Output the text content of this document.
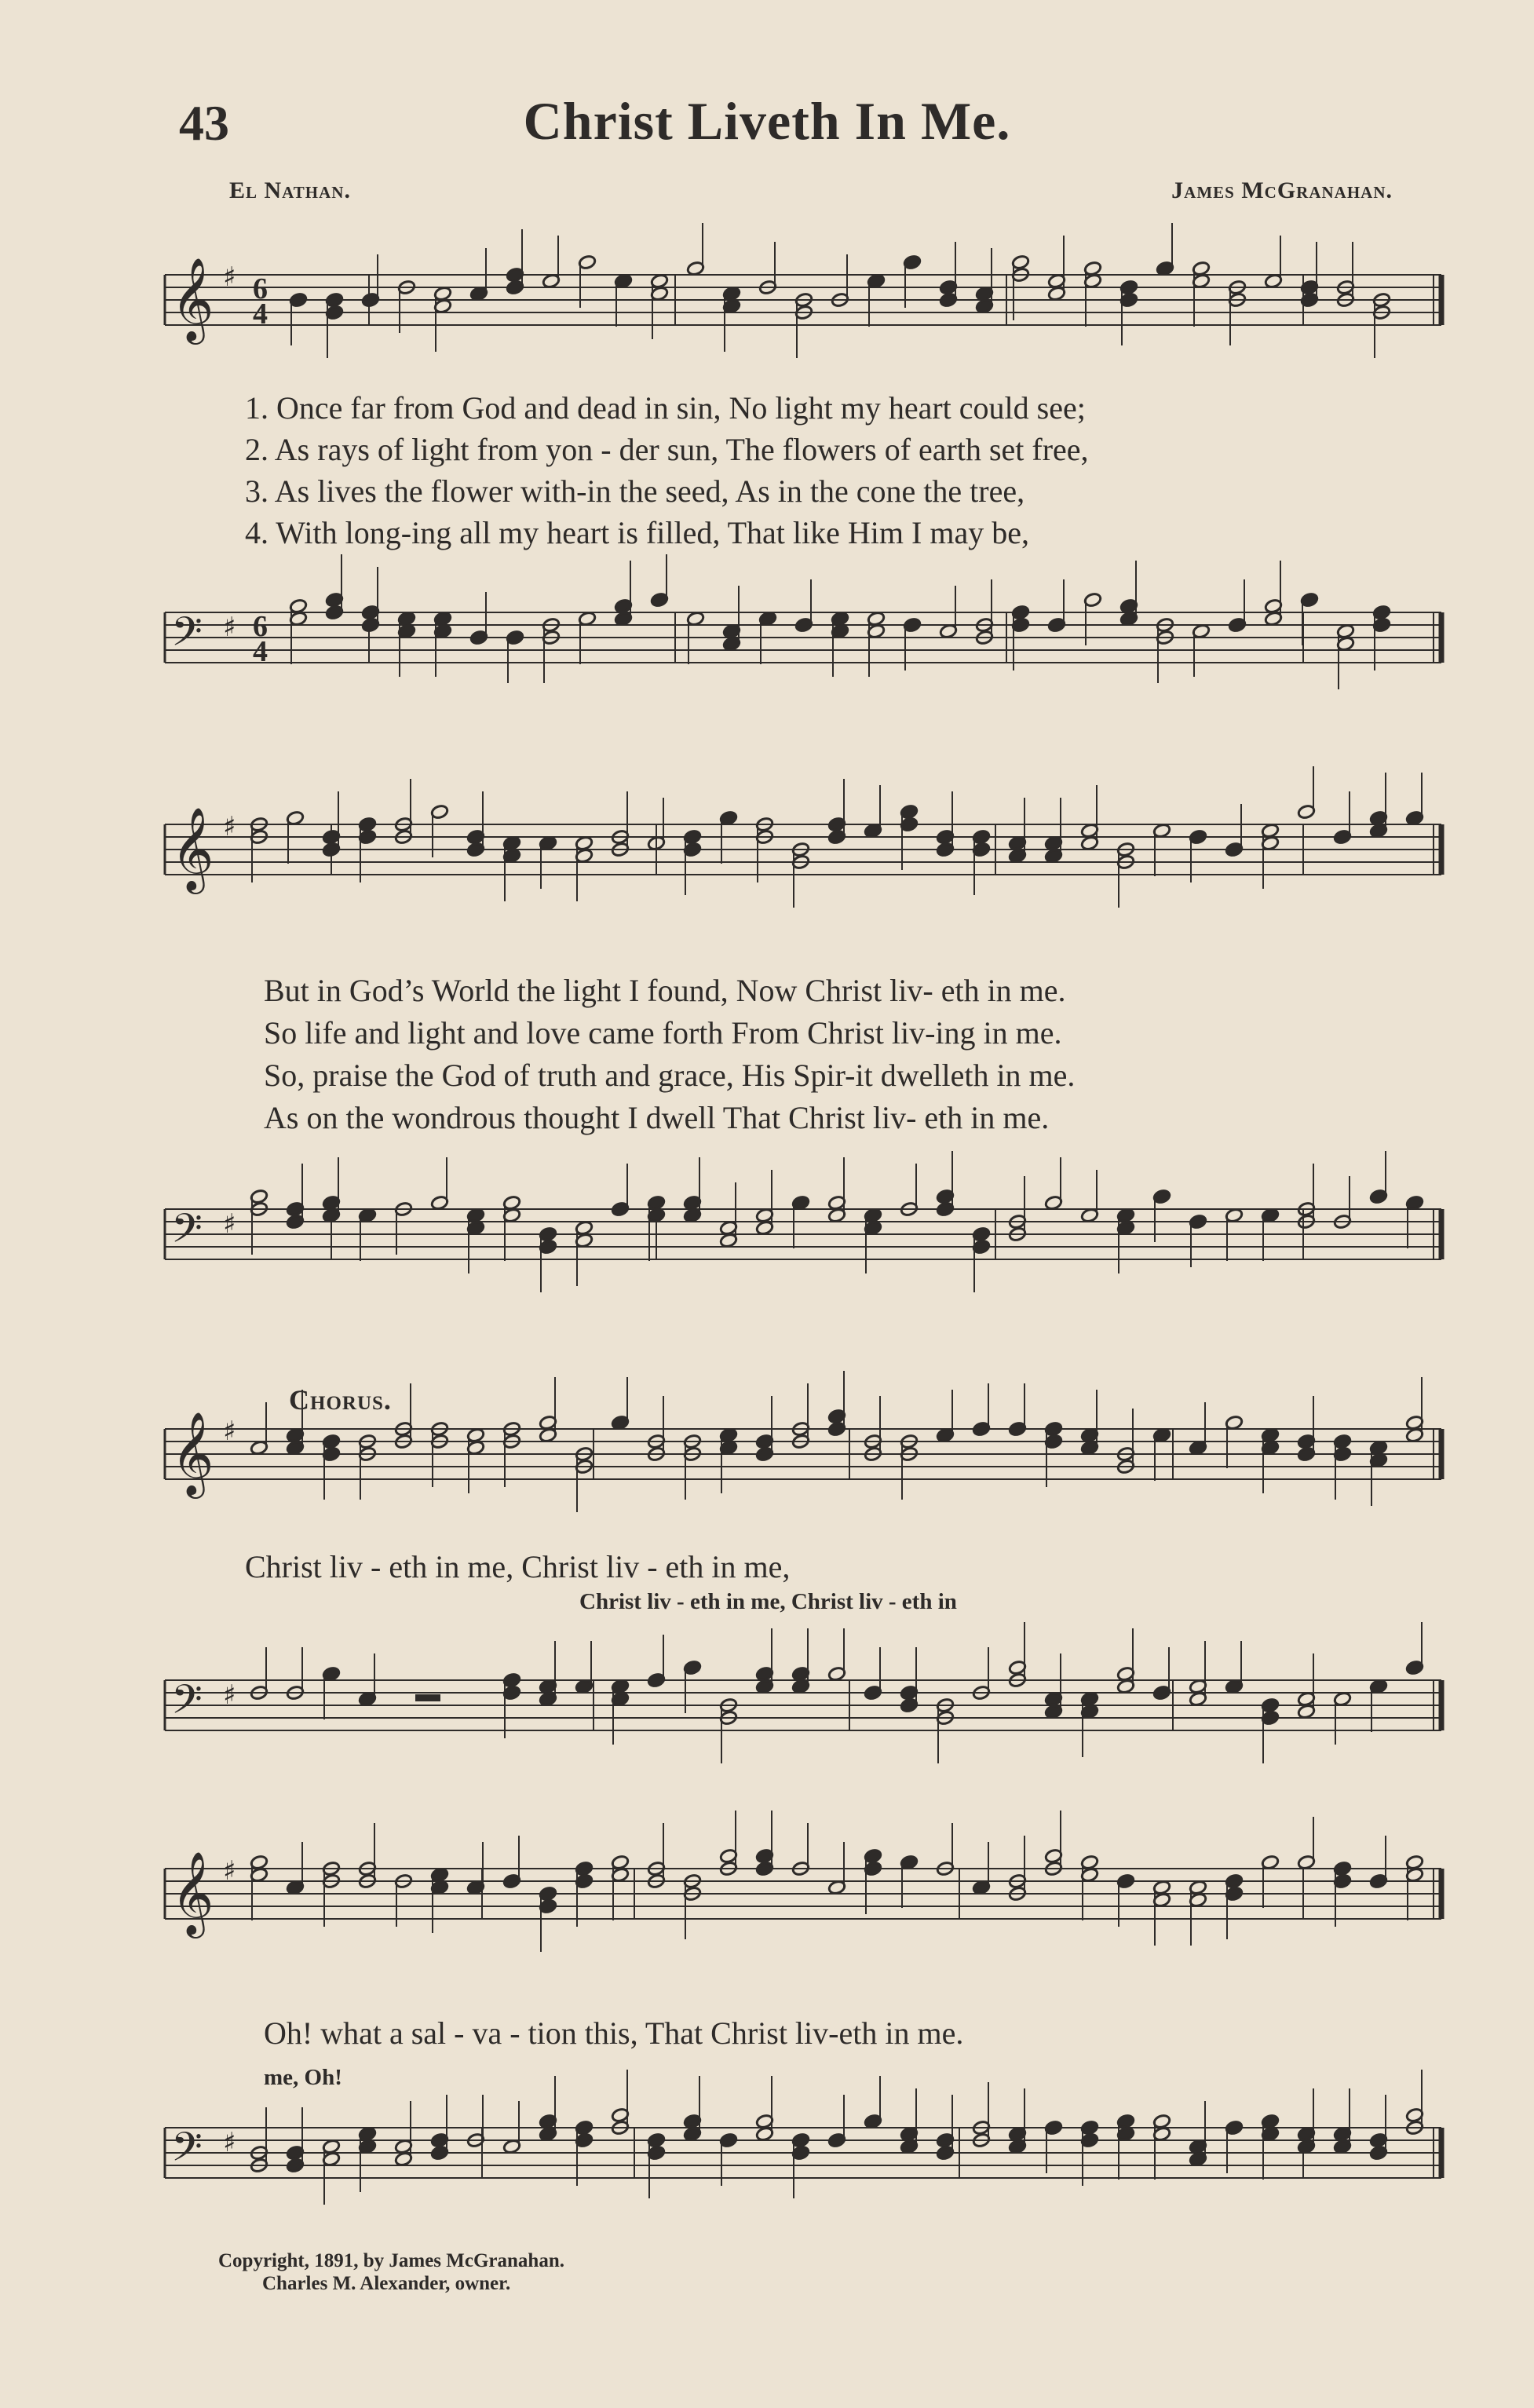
43	Christ Liveth In Me.
El Nathan.	James McGranahan.
𝄞 ♯ 6
4
1. Once far from God and dead in sin, No light my heart could see;
2. As rays of light from yon - der sun, The flowers of earth set free,
3. As lives the flower with-in the seed, As in the cone the tree,
4. With long-ing all my heart is filled, That like Him I may be,
𝄢 ♯ 6
4
𝄞 ♯
But in God’s World the light I found, Now Christ liv- eth in me.
So life and light and love came forth From Christ liv-ing in me.
So, praise the God of truth and grace, His Spir-it dwelleth in me.
As on the wondrous thought I dwell That Christ liv- eth in me.
𝄢 ♯
Chorus.
𝄞 ♯
Christ liv - eth in me, Christ liv - eth in me,
Christ liv - eth in me, Christ liv - eth in
𝄢 ♯
𝄞 ♯
Oh! what a sal - va - tion this, That Christ liv-eth in me.
me, Oh!
𝄢 ♯
Copyright, 1891, by James McGranahan.
Charles M. Alexander, owner.
